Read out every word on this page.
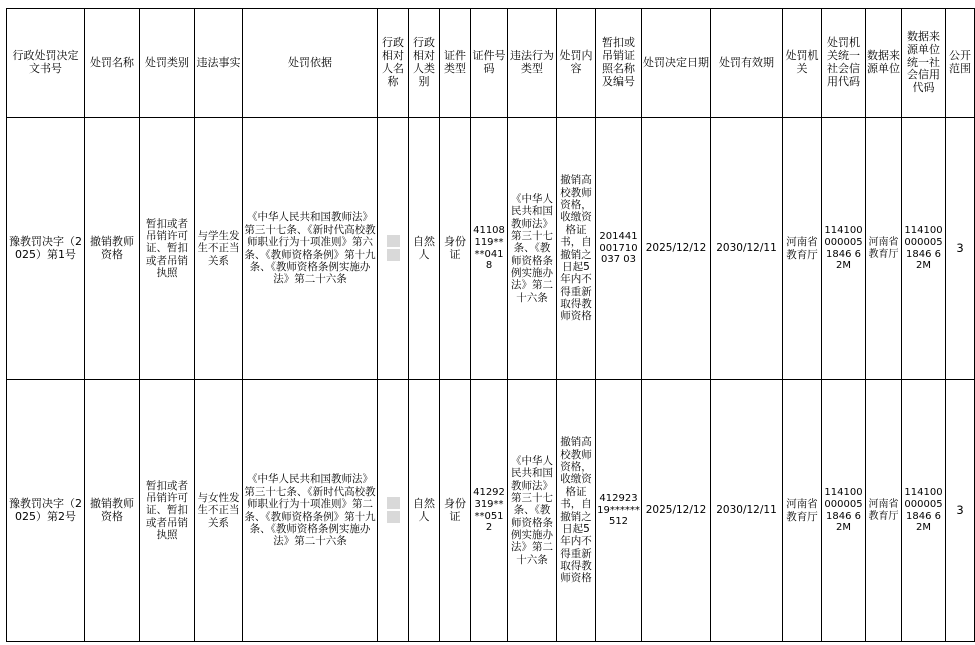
行政处罚决定文书号	处罚名称	处罚类别	违法事实	处罚依据	行政相对人名称	行政相对人类别	证件类型	证件号码	违法行为类型	处罚内容	暂扣或吊销证照名称及编号	处罚决定日期	处罚有效期	处罚机关	处罚机关统一社会信用代码	数据来源单位	数据来源单位统一社会信用代码	公开范围
豫教罚决字（2025）第1号	撤销教师资格	暂扣或者吊销许可证、暂扣或者吊销执照	与学生发生不正当关系	《中华人民共和国教师法》第三十七条、《新时代高校教师职业行为十项准则》第六条、《教师资格条例》第十九条、《教师资格条例实施办法》第二十六条		自然人	身份证	41108119****0418	《中华人民共和国教师法》第三十七条、《教师资格条例实施办法》第二十六条	撤销高校教师资格，收缴资格证书，自撤销之日起5年内不得重新取得教师资格	201441001710037 03	2025/12/12	2030/12/11	河南省教育厅	1141000000051846 62M	河南省教育厅	1141000000051846 62M	3
豫教罚决字（2025）第2号	撤销教师资格	暂扣或者吊销许可证、暂扣或者吊销执照	与女性发生不正当关系	《中华人民共和国教师法》第三十七条、《新时代高校教师职业行为十项准则》第二条、《教师资格条例》第十九条、《教师资格条例实施办法》第二十六条		自然人	身份证	41292319****0512	《中华人民共和国教师法》第三十七条、《教师资格条例实施办法》第二十六条	撤销高校教师资格，收缴资格证书，自撤销之日起5年内不得重新取得教师资格	41292319******512	2025/12/12	2030/12/11	河南省教育厅	1141000000051846 62M	河南省教育厅	1141000000051846 62M	3
